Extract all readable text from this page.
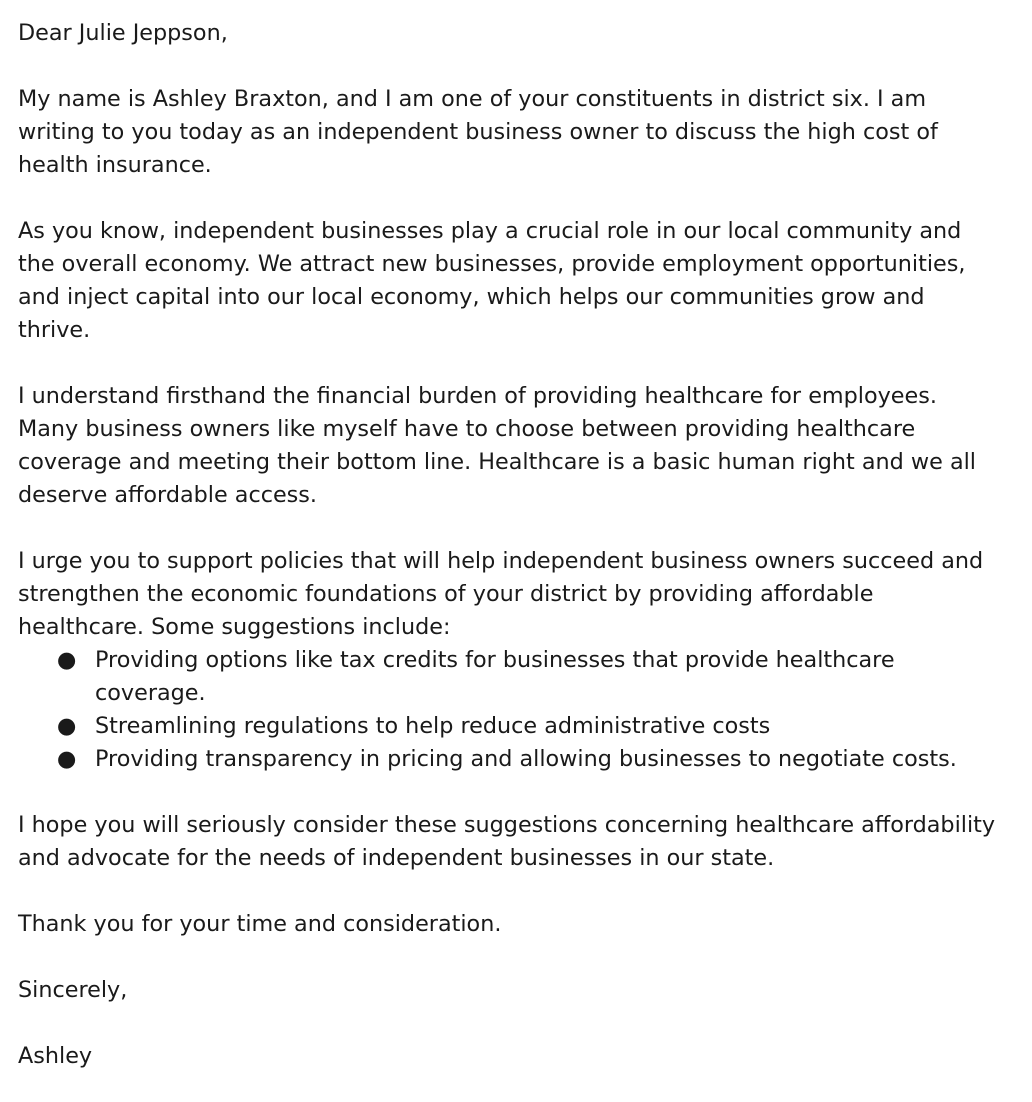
Dear Julie Jeppson,

My name is Ashley Braxton, and I am one of your constituents in district six. I am writing to you today as an independent business owner to discuss the high cost of health insurance.

As you know, independent businesses play a crucial role in our local community and the overall economy. We attract new businesses, provide employment opportunities, and inject capital into our local economy, which helps our communities grow and thrive.

I understand firsthand the financial burden of providing healthcare for employees. Many business owners like myself have to choose between providing healthcare coverage and meeting their bottom line. Healthcare is a basic human right and we all deserve affordable access.

I urge you to support policies that will help independent business owners succeed and strengthen the economic foundations of your district by providing affordable healthcare. Some suggestions include:

● Providing options like tax credits for businesses that provide healthcare coverage.
● Streamlining regulations to help reduce administrative costs
● Providing transparency in pricing and allowing businesses to negotiate costs.

I hope you will seriously consider these suggestions concerning healthcare affordability and advocate for the needs of independent businesses in our state.

Thank you for your time and consideration.

Sincerely,

Ashley
